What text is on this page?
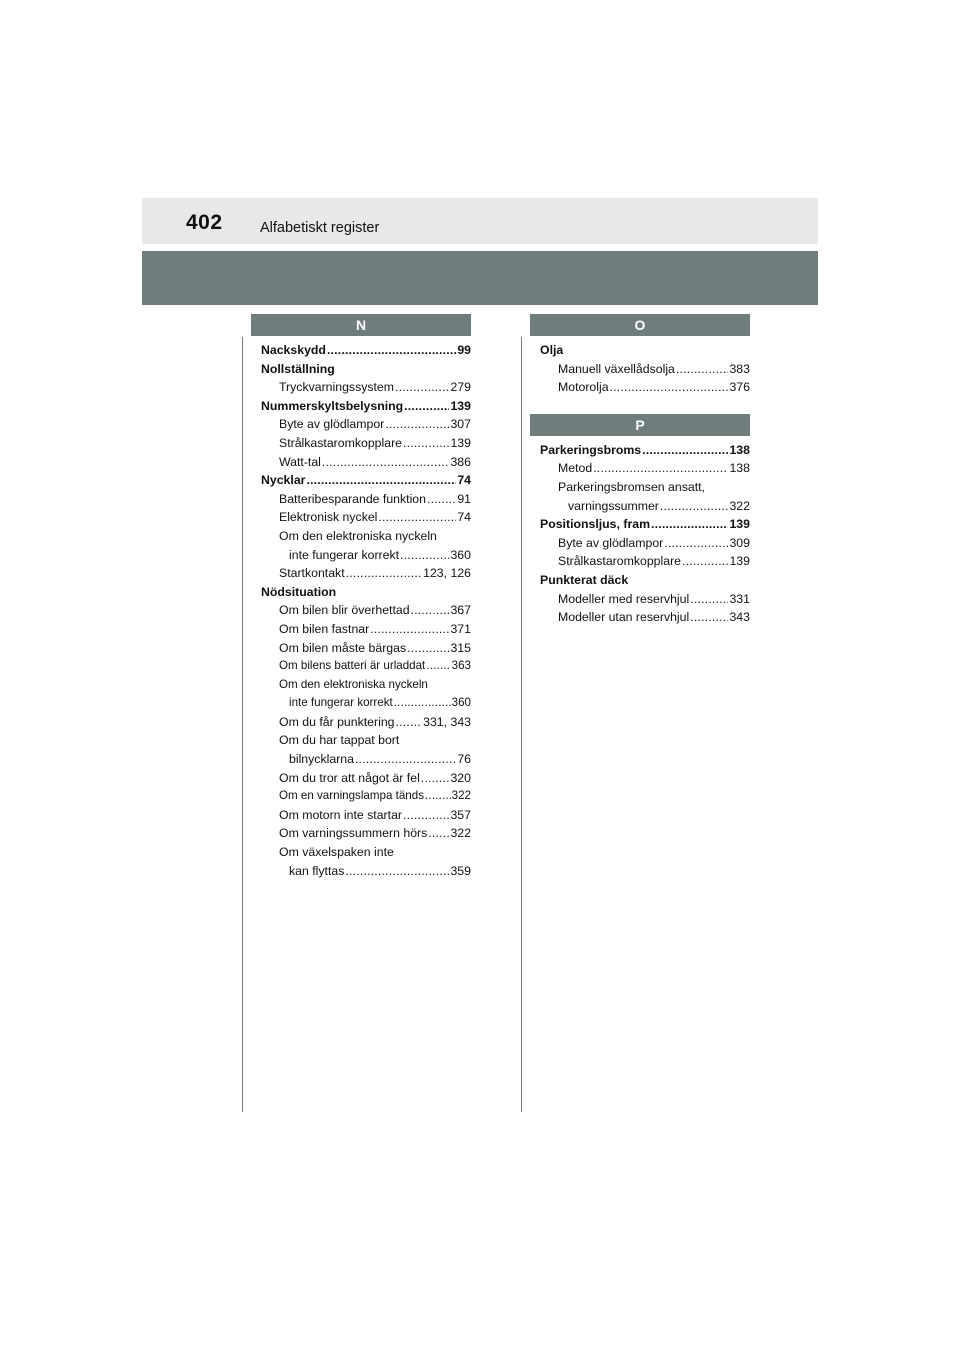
402	Alfabetiskt register
N
Nackskydd .....	99
Nollställning
Tryckvarningssystem .....	279
Nummerskyltsbelysning .....	139
Byte av glödlampor .....	307
Strålkastaromkopplare .....	139
Watt-tal .....	386
Nycklar .....	74
Batteribesparande funktion .....	91
Elektronisk nyckel .....	74
Om den elektroniska nyckeln
inte fungerar korrekt .....	360
Startkontakt .....	123, 126
Nödsituation
Om bilen blir överhettad .....	367
Om bilen fastnar .....	371
Om bilen måste bärgas .....	315
Om bilens batteri är urladdat ..... 363
Om den elektroniska nyckeln
inte fungerar korrekt .....	360
Om du får punktering ..... 331, 343
Om du har tappat bort
bilnycklarna .....	76
Om du tror att något är fel ..... 320
Om en varningslampa tänds ..... 322
Om motorn inte startar .....	357
Om varningssummern hörs ..... 322
Om växelspaken inte
kan flyttas .....	359
O
Olja
Manuell växellådsolja .....	383
Motorolja .....	376
P
Parkeringsbroms .....	138
Metod .....	138
Parkeringsbromsen ansatt,
varningssummer .....	322
Positionsljus, fram .....	139
Byte av glödlampor .....	309
Strålkastaromkopplare .....	139
Punkterat däck
Modeller med reservhjul .....	331
Modeller utan reservhjul .....	343
